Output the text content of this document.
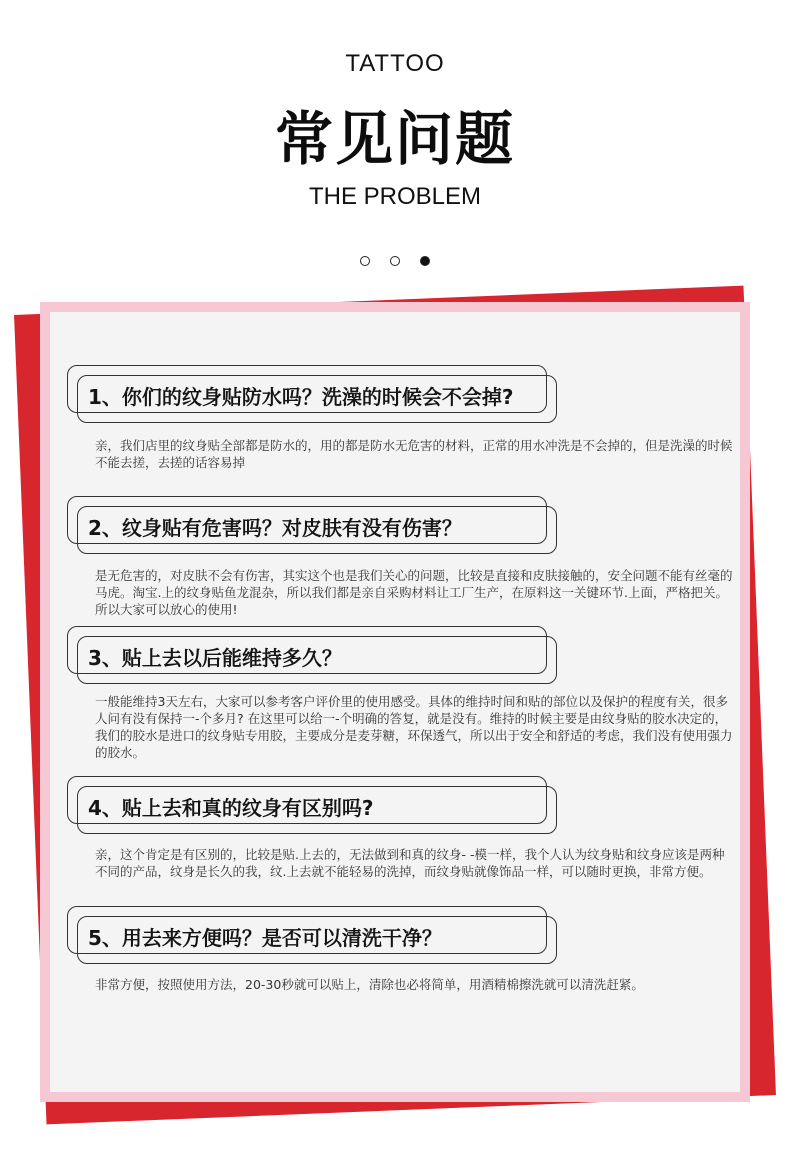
TATTOO
常见问题
THE PROBLEM

1、你们的纹身贴防水吗？洗澡的时候会不会掉?
亲，我们店里的纹身贴全部都是防水的，用的都是防水无危害的材料，正常的用水冲洗是不会掉的，但是洗澡的时候不能去搓，去搓的话容易掉
2、纹身贴有危害吗？对皮肤有没有伤害？
是无危害的，对皮肤不会有伤害，其实这个也是我们关心的问题，比较是直接和皮肤接触的，安全问题不能有丝毫的马虎。淘宝.上的纹身贴鱼龙混杂，所以我们都是亲自采购材料让工厂生产，在原料这一关键环节.上面，严格把关。所以大家可以放心的使用!
3、贴上去以后能维持多久？
一般能维持3天左右，大家可以参考客户评价里的使用感受。具体的维持时间和贴的部位以及保护的程度有关，很多人问有没有保持一-个多月? 在这里可以给一-个明确的答复，就是没有。维持的时候主要是由纹身贴的胶水决定的，我们的胶水是进口的纹身贴专用胶，主要成分是麦芽糖，环保透气，所以出于安全和舒适的考虑，我们没有使用强力的胶水。
4、贴上去和真的纹身有区别吗?
亲，这个肯定是有区别的，比较是贴.上去的，无法做到和真的纹身- -模一样，我个人认为纹身贴和纹身应该是两种不同的产品，纹身是长久的我，纹.上去就不能轻易的洗掉，而纹身贴就像饰品一样，可以随时更换，非常方便。
5、用去来方便吗？是否可以清洗干净？
非常方便，按照使用方法，20-30秒就可以贴上，清除也必将简单，用酒精棉擦洗就可以清洗赶紧。
